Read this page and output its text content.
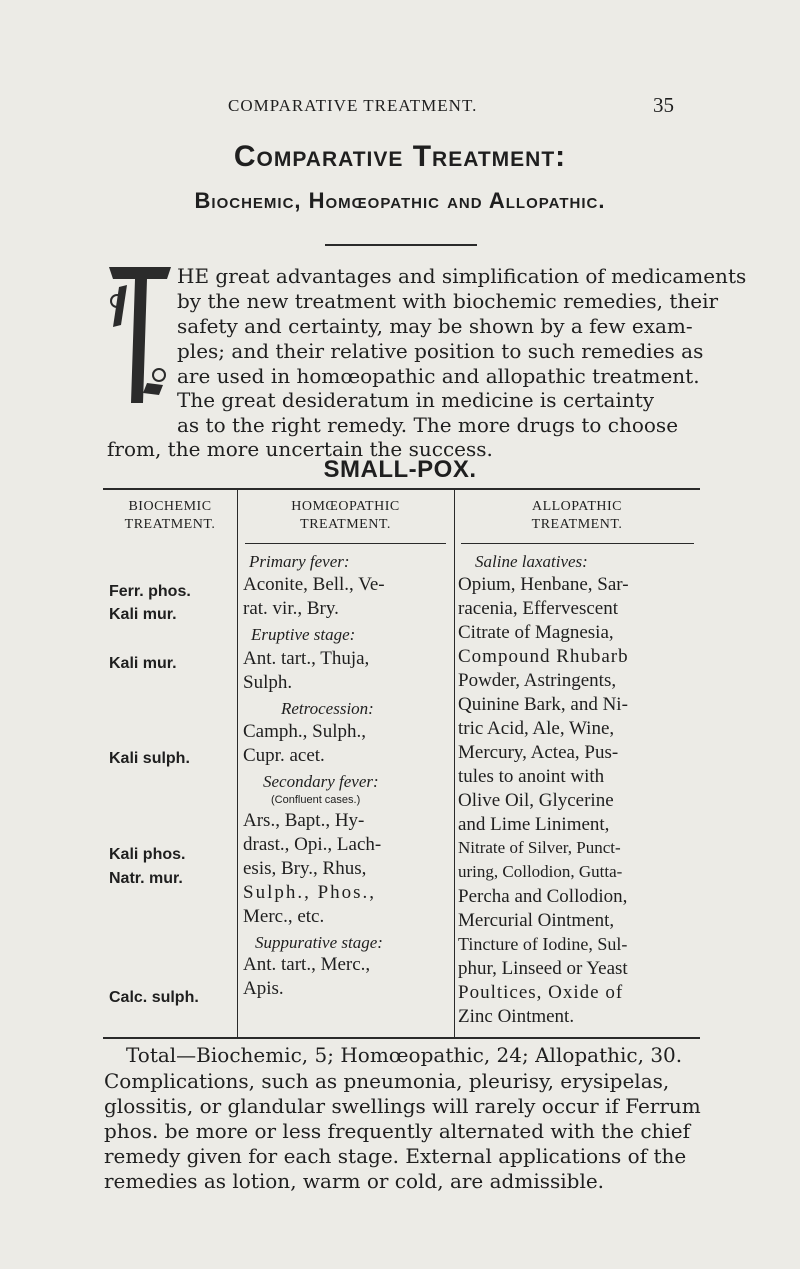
COMPARATIVE TREATMENT.	35
Comparative Treatment:
Biochemic, Homœopathic and Allopathic.
T
HE great advantages and simplification of medicaments
by the new treatment with biochemic remedies, their
safety and certainty, may be shown by a few exam-
ples; and their relative position to such remedies as
are used in homœopathic and allopathic treatment.
The great desideratum in medicine is certainty
as to the right remedy. The more drugs to choose
from, the more uncertain the success.
SMALL-POX.
BIOCHEMIC
TREATMENT.
HOMŒOPATHIC
TREATMENT.
ALLOPATHIC
TREATMENT.
Ferr. phos.
Kali mur.
Kali mur.
Kali sulph.
Kali phos.
Natr. mur.
Calc. sulph.
Primary fever:
Aconite, Bell., Ve-
rat. vir., Bry.
Eruptive stage:
Ant. tart., Thuja,
Sulph.
Retrocession:
Camph., Sulph.,
Cupr. acet.
Secondary fever:
(Confluent cases.)
Ars., Bapt., Hy-
drast., Opi., Lach-
esis, Bry., Rhus,
Sulph., Phos.,
Merc., etc.
Suppurative stage:
Ant. tart., Merc.,
Apis.
Saline laxatives:
Opium, Henbane, Sar-
racenia, Effervescent
Citrate of Magnesia,
Compound Rhubarb
Powder, Astringents,
Quinine Bark, and Ni-
tric Acid, Ale, Wine,
Mercury, Actea, Pus-
tules to anoint with
Olive Oil, Glycerine
and Lime Liniment,
Nitrate of Silver, Punct-
uring, Collodion, Gutta-
Percha and Collodion,
Mercurial Ointment,
Tincture of Iodine, Sul-
phur, Linseed or Yeast
Poultices, Oxide of
Zinc Ointment.
Total—Biochemic, 5; Homœopathic, 24; Allopathic, 30.
Complications, such as pneumonia, pleurisy, erysipelas,
glossitis, or glandular swellings will rarely occur if Ferrum
phos. be more or less frequently alternated with the chief
remedy given for each stage. External applications of the
remedies as lotion, warm or cold, are admissible.
